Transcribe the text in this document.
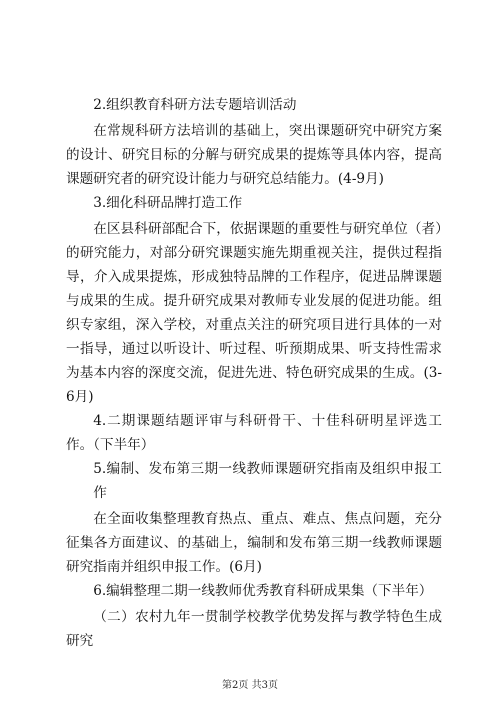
2.组织教育科研方法专题培训活动

在常规科研方法培训的基础上，突出课题研究中研究方案的设计、研究目标的分解与研究成果的提炼等具体内容，提高课题研究者的研究设计能力与研究总结能力。(4-9月)

3.细化科研品牌打造工作

在区县科研部配合下，依据课题的重要性与研究单位（者）的研究能力，对部分研究课题实施先期重视关注，提供过程指导，介入成果提炼，形成独特品牌的工作程序，促进品牌课题与成果的生成。提升研究成果对教师专业发展的促进功能。组织专家组，深入学校，对重点关注的研究项目进行具体的一对一指导，通过以听设计、听过程、听预期成果、听支持性需求为基本内容的深度交流，促进先进、特色研究成果的生成。(3-6月)

4.二期课题结题评审与科研骨干、十佳科研明星评选工作。（下半年）

5.编制、发布第三期一线教师课题研究指南及组织申报工作

在全面收集整理教育热点、重点、难点、焦点问题，充分征集各方面建议、的基础上，编制和发布第三期一线教师课题研究指南并组织申报工作。(6月)

6.编辑整理二期一线教师优秀教育科研成果集（下半年）

（二）农村九年一贯制学校教学优势发挥与教学特色生成研究

第2页 共3页
